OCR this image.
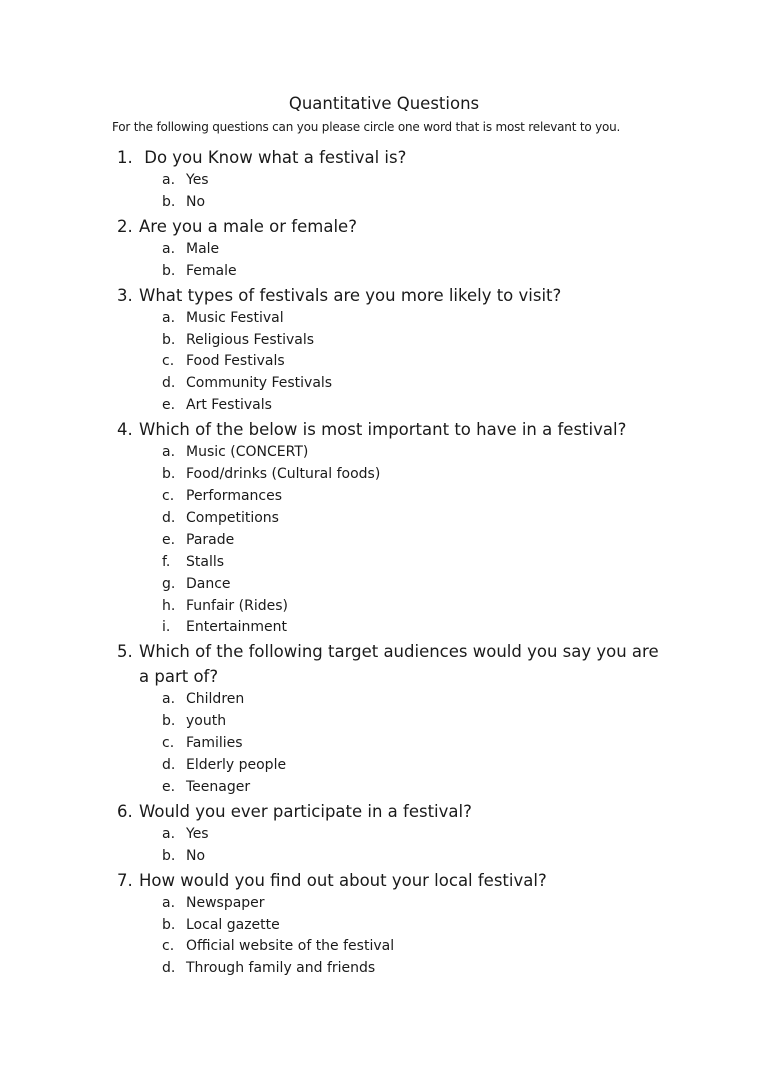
Quantitative Questions
For the following questions can you please circle one word that is most relevant to you.
1. Do you Know what a festival is?
a. Yes
b. No
2. Are you a male or female?
a. Male
b. Female
3. What types of festivals are you more likely to visit?
a. Music Festival
b. Religious Festivals
c. Food Festivals
d. Community Festivals
e. Art Festivals
4. Which of the below is most important to have in a festival?
a. Music (CONCERT)
b. Food/drinks (Cultural foods)
c. Performances
d. Competitions
e. Parade
f.	Stalls
g. Dance
h. Funfair (Rides)
i.	Entertainment
5. Which of the following target audiences would you say you are a part of?
a. Children
b. youth
c. Families
d. Elderly people
e. Teenager
6. Would you ever participate in a festival?
a. Yes
b. No
7. How would you find out about your local festival?
a. Newspaper
b. Local gazette
c. Official website of the festival
d. Through family and friends
